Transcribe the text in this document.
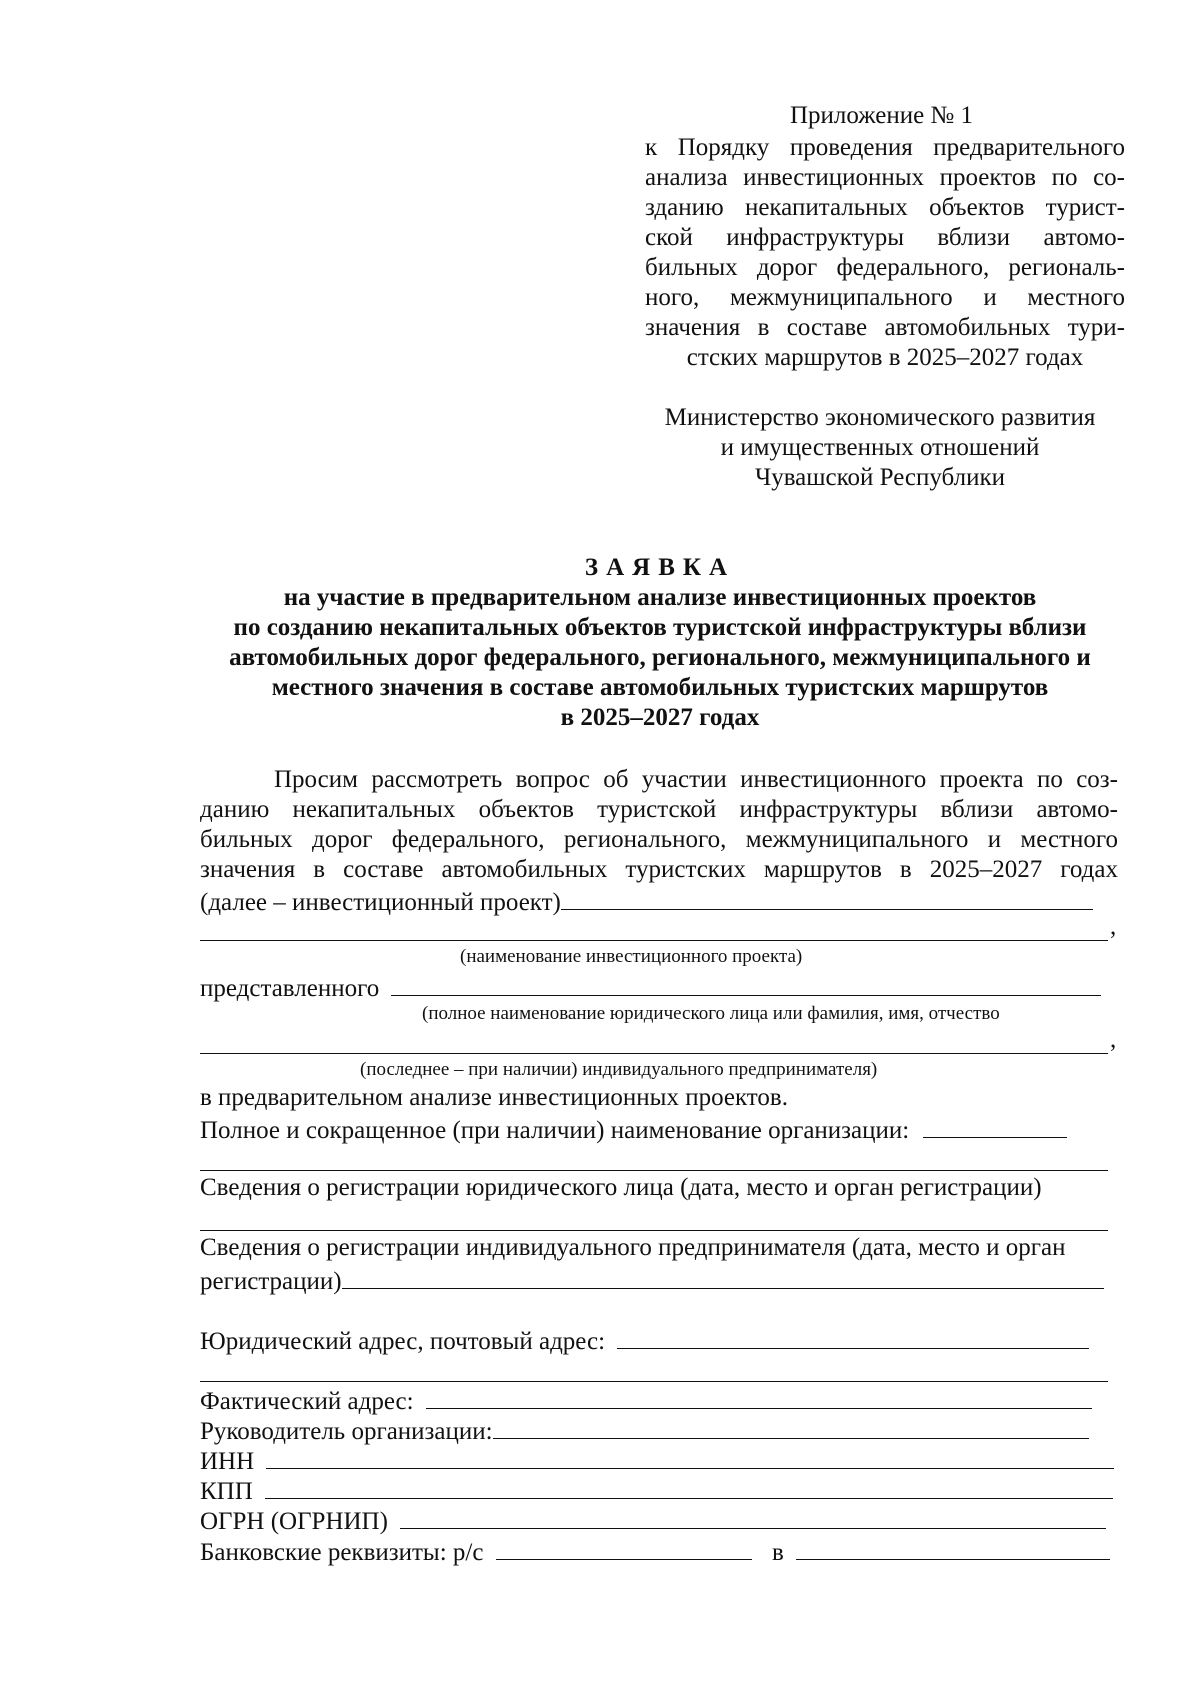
Приложение № 1
к Порядку проведения предварительного
анализа инвестиционных проектов по со-
зданию некапитальных объектов турист-
ской инфраструктуры вблизи автомо-
бильных дорог федерального, региональ-
ного, межмуниципального и местного
значения в составе автомобильных тури-
стских маршрутов в 2025–2027 годах
Министерство экономического развития
и имущественных отношений
Чувашской Республики
ЗАЯВКА
на участие в предварительном анализе инвестиционных проектов
по созданию некапитальных объектов туристской инфраструктуры вблизи
автомобильных дорог федерального, регионального, межмуниципального и
местного значения в составе автомобильных туристских маршрутов
в 2025–2027 годах
Просим рассмотреть вопрос об участии инвестиционного проекта по соз-
данию некапитальных объектов туристской инфраструктуры вблизи автомо-
бильных дорог федерального, регионального, межмуниципального и местного
значения в составе автомобильных туристских маршрутов в 2025–2027 годах
(далее – инвестиционный проект)
,
(наименование инвестиционного проекта)
представленного
(полное наименование юридического лица или фамилия, имя, отчество
,
(последнее – при наличии) индивидуального предпринимателя)
в предварительном анализе инвестиционных проектов.
Полное и сокращенное (при наличии) наименование организации:
Сведения о регистрации юридического лица (дата, место и орган регистрации)
Сведения о регистрации индивидуального предпринимателя (дата, место и орган
регистрации)
Юридический адрес, почтовый адрес:
Фактический адрес:
Руководитель организации:
ИНН
КПП
ОГРН (ОГРНИП)
Банковские реквизиты: р/с	в
